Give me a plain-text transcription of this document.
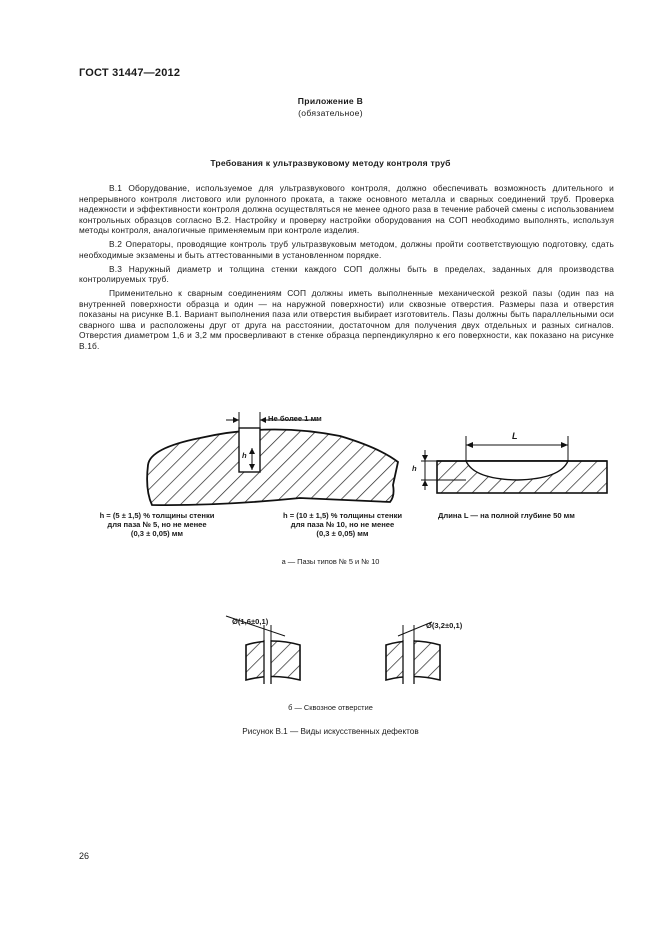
ГОСТ 31447—2012
Приложение В
(обязательное)
Требования к ультразвуковому методу контроля труб

В.1 Оборудование, используемое для ультразвукового контроля, должно обеспечивать возможность длительного и непрерывного контроля листового или рулонного проката, а также основного металла и сварных соединений труб. Проверка надежности и эффективности контроля должна осуществляться не менее одного раза в течение рабочей смены с использованием контрольных образцов согласно В.2. Настройку и проверку настройки оборудования на СОП необходимо выполнять, используя методы контроля, аналогичные применяемым при контроле изделия.

В.2 Операторы, проводящие контроль труб ультразвуковым методом, должны пройти соответствующую подготовку, сдать необходимые экзамены и быть аттестованными в установленном порядке.

В.3 Наружный диаметр и толщина стенки каждого СОП должны быть в пределах, заданных для производства контролируемых труб.

Применительно к сварным соединениям СОП должны иметь выполненные механической резкой пазы (один паз на внутренней поверхности образца и один — на наружной поверхности) или сквозные отверстия. Размеры паза и отверстия показаны на рисунке В.1. Вариант выполнения паза или отверстия выбирает изготовитель. Пазы должны быть параллельными оси сварного шва и расположены друг от друга на расстоянии, достаточном для получения двух отдельных и разных сигналов. Отверстия диаметром 1,6 и 3,2 мм просверливают в стенке образца перпендикулярно к его поверхности, как показано на рисунке В.1б.

Не более 1 мм
h
L
h
h = (5 ± 1,5) % толщины стенки
для паза № 5, но не менее
(0,3 ± 0,05) мм
h = (10 ± 1,5) % толщины стенки
для паза № 10, но не менее
(0,3 ± 0,05) мм
Длина L — на полной глубине 50 мм
а — Пазы типов № 5 и № 10
Ø(1,6±0,1)	Ø(3,2±0,1)
б — Сквозное отверстие
Рисунок В.1 — Виды искусственных дефектов
26
